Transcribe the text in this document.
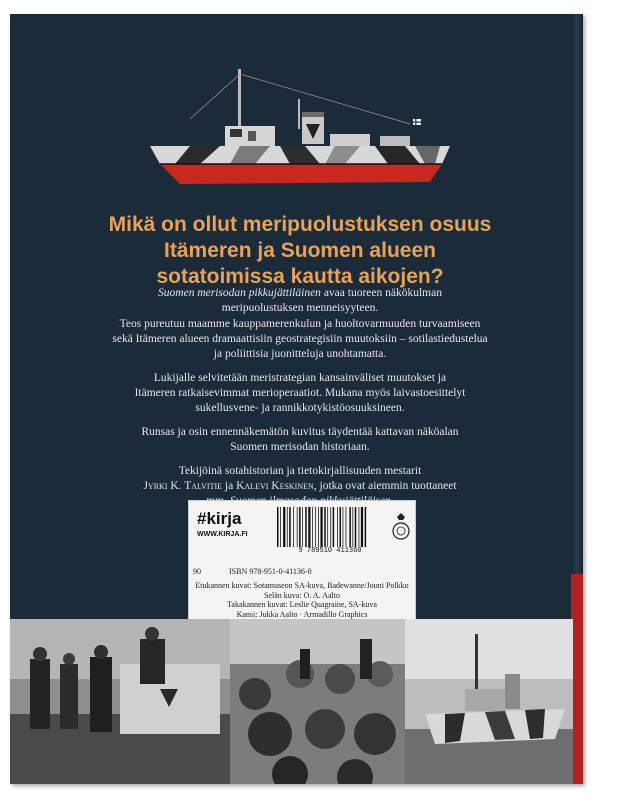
Mikä on ollut meripuolustuksen osuus
Itämeren ja Suomen alueen
sotatoimissa kautta aikojen?

Suomen merisodan pikkujättiläinen avaa tuoreen näkökulman
meripuolustuksen menneisyyteen.

Teos pureutuu maamme kauppamerenkulun ja huoltovarmuuden turvaamiseen
sekä Itämeren alueen dramaattisiin geostrategisiin muutoksiin – sotilastiedustelua
ja poliittisia juonitteluja unohtamatta.

Lukijalle selvitetään meristrategian kansainväliset muutokset ja
Itämeren ratkaisevimmat merioperaatiot. Mukana myös laivastoesittelyt
sukellusvene- ja rannikkotykistöosuuksineen.

Runsas ja osin ennennäkemätön kuvitus täydentää kattavan näköalan
Suomen merisodan historiaan.

Tekijöinä sotahistorian ja tietokirjallisuuden mestarit
Jyrki K. Talvitie ja Kalevi Keskinen, jotka ovat aiemmin tuottaneet

#kirja
WWW.KIRJA.FI
9 789510 411360
90	ISBN 978-951-0-41136-0
Etukannen kuvat: Sotamuseon SA-kuva, Badewanne/Jouni Polkko
Selän kuva: O. A. Aalto
Takakannen kuvat: Leslie Quagraine, SA-kuva
Kansi: Jukka Aalto · Armadillo Graphics
